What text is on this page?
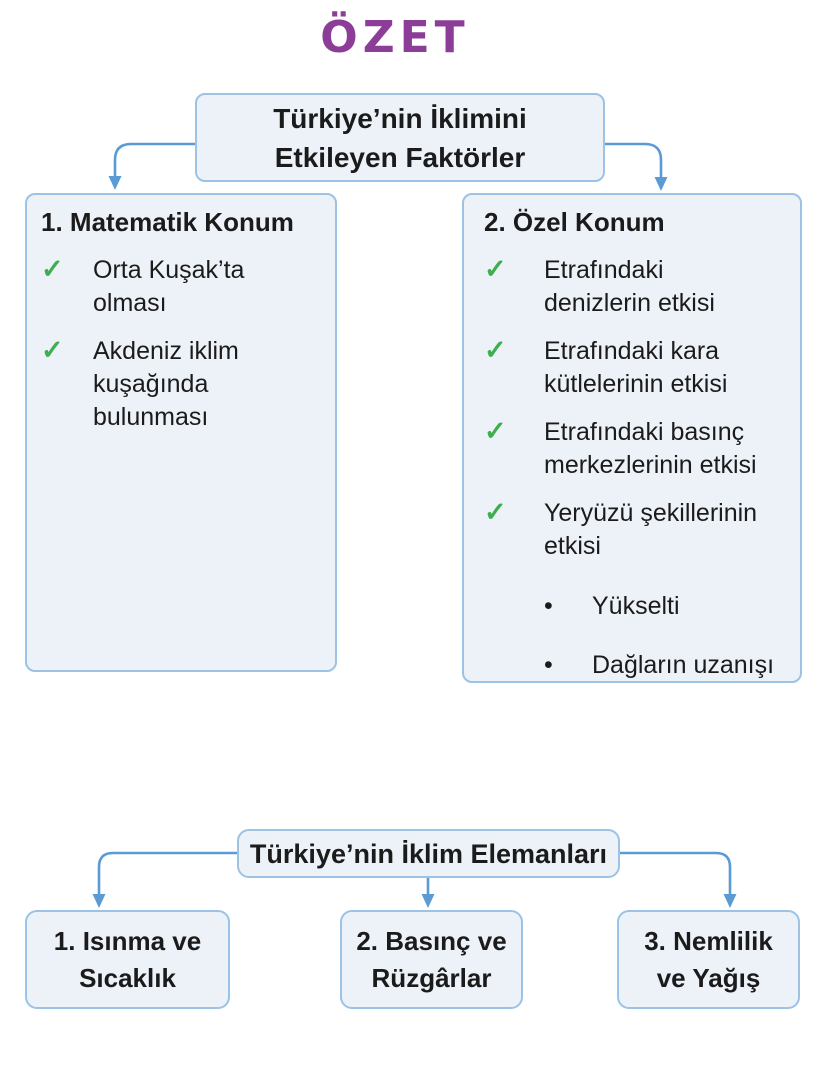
ÖZET
Türkiye’nin İklimini Etkileyen Faktörler
1. Matematik Konum
✓	Orta Kuşak’ta olması
✓	Akdeniz iklim kuşağında bulunması
2. Özel Konum
✓	Etrafındaki denizlerin etkisi
✓	Etrafındaki kara kütlelerinin etkisi
✓	Etrafındaki basınç merkezlerinin etkisi
✓	Yeryüzü şekillerinin etkisi
•	Yükselti
•	Dağların uzanışı
Türkiye’nin İklim Elemanları
1. Isınma ve Sıcaklık
2. Basınç ve Rüzgârlar
3. Nemlilik ve Yağış
